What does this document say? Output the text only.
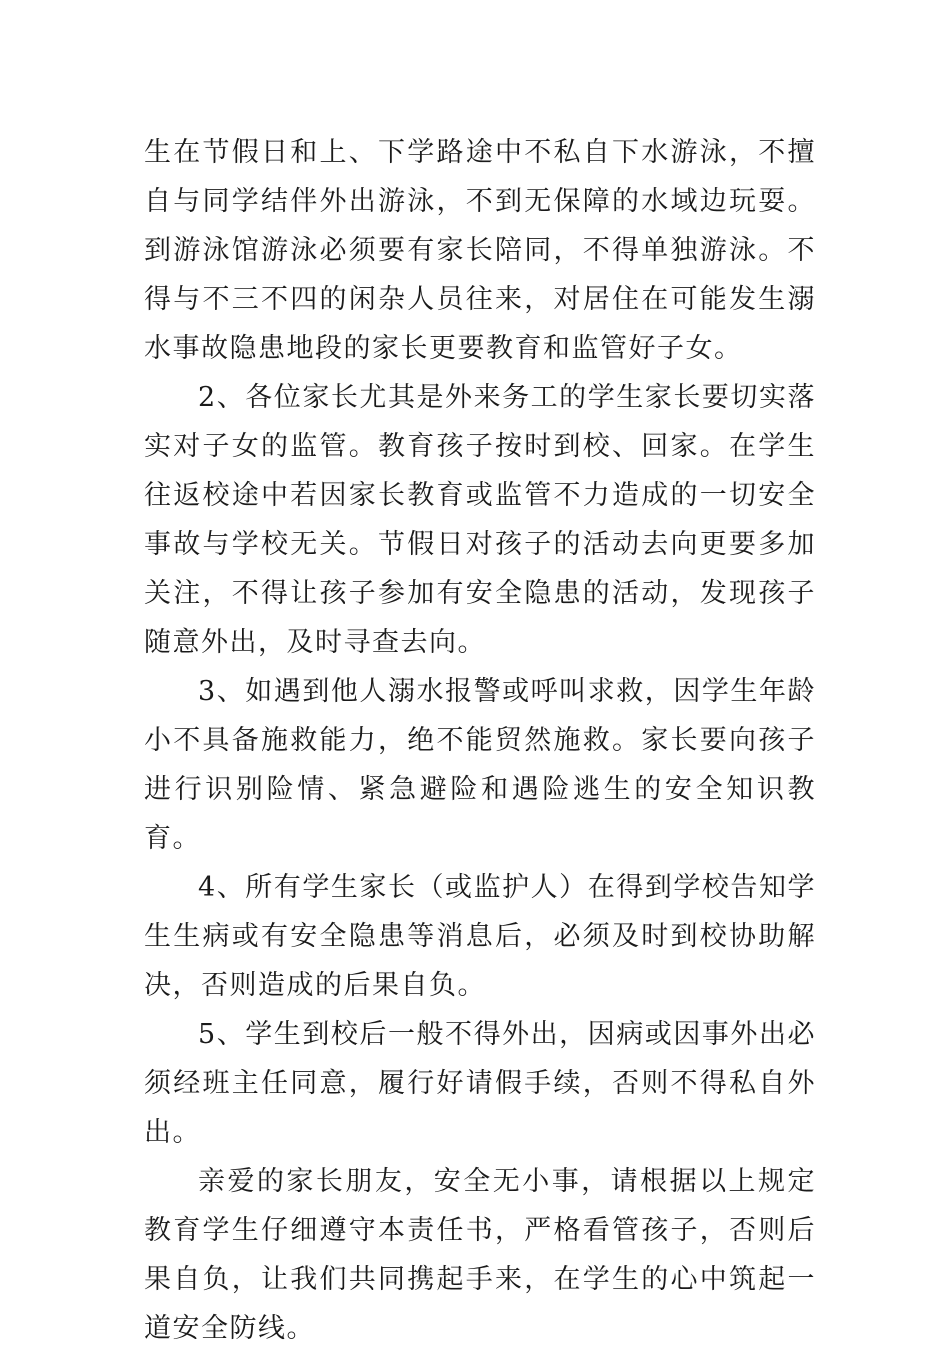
生在节假日和上、下学路途中不私自下水游泳，不擅自与同学结伴外出游泳，不到无保障的水域边玩耍。到游泳馆游泳必须要有家长陪同，不得单独游泳。不得与不三不四的闲杂人员往来，对居住在可能发生溺水事故隐患地段的家长更要教育和监管好子女。

2、各位家长尤其是外来务工的学生家长要切实落实对子女的监管。教育孩子按时到校、回家。在学生往返校途中若因家长教育或监管不力造成的一切安全事故与学校无关。节假日对孩子的活动去向更要多加关注，不得让孩子参加有安全隐患的活动，发现孩子随意外出，及时寻查去向。

3、如遇到他人溺水报警或呼叫求救，因学生年龄小不具备施救能力，绝不能贸然施救。家长要向孩子进行识别险情、紧急避险和遇险逃生的安全知识教育。

4、所有学生家长（或监护人）在得到学校告知学生生病或有安全隐患等消息后，必须及时到校协助解决，否则造成的后果自负。

5、学生到校后一般不得外出，因病或因事外出必须经班主任同意，履行好请假手续，否则不得私自外出。

亲爱的家长朋友，安全无小事，请根据以上规定教育学生仔细遵守本责任书，严格看管孩子，否则后果自负，让我们共同携起手来，在学生的心中筑起一道安全防线。
